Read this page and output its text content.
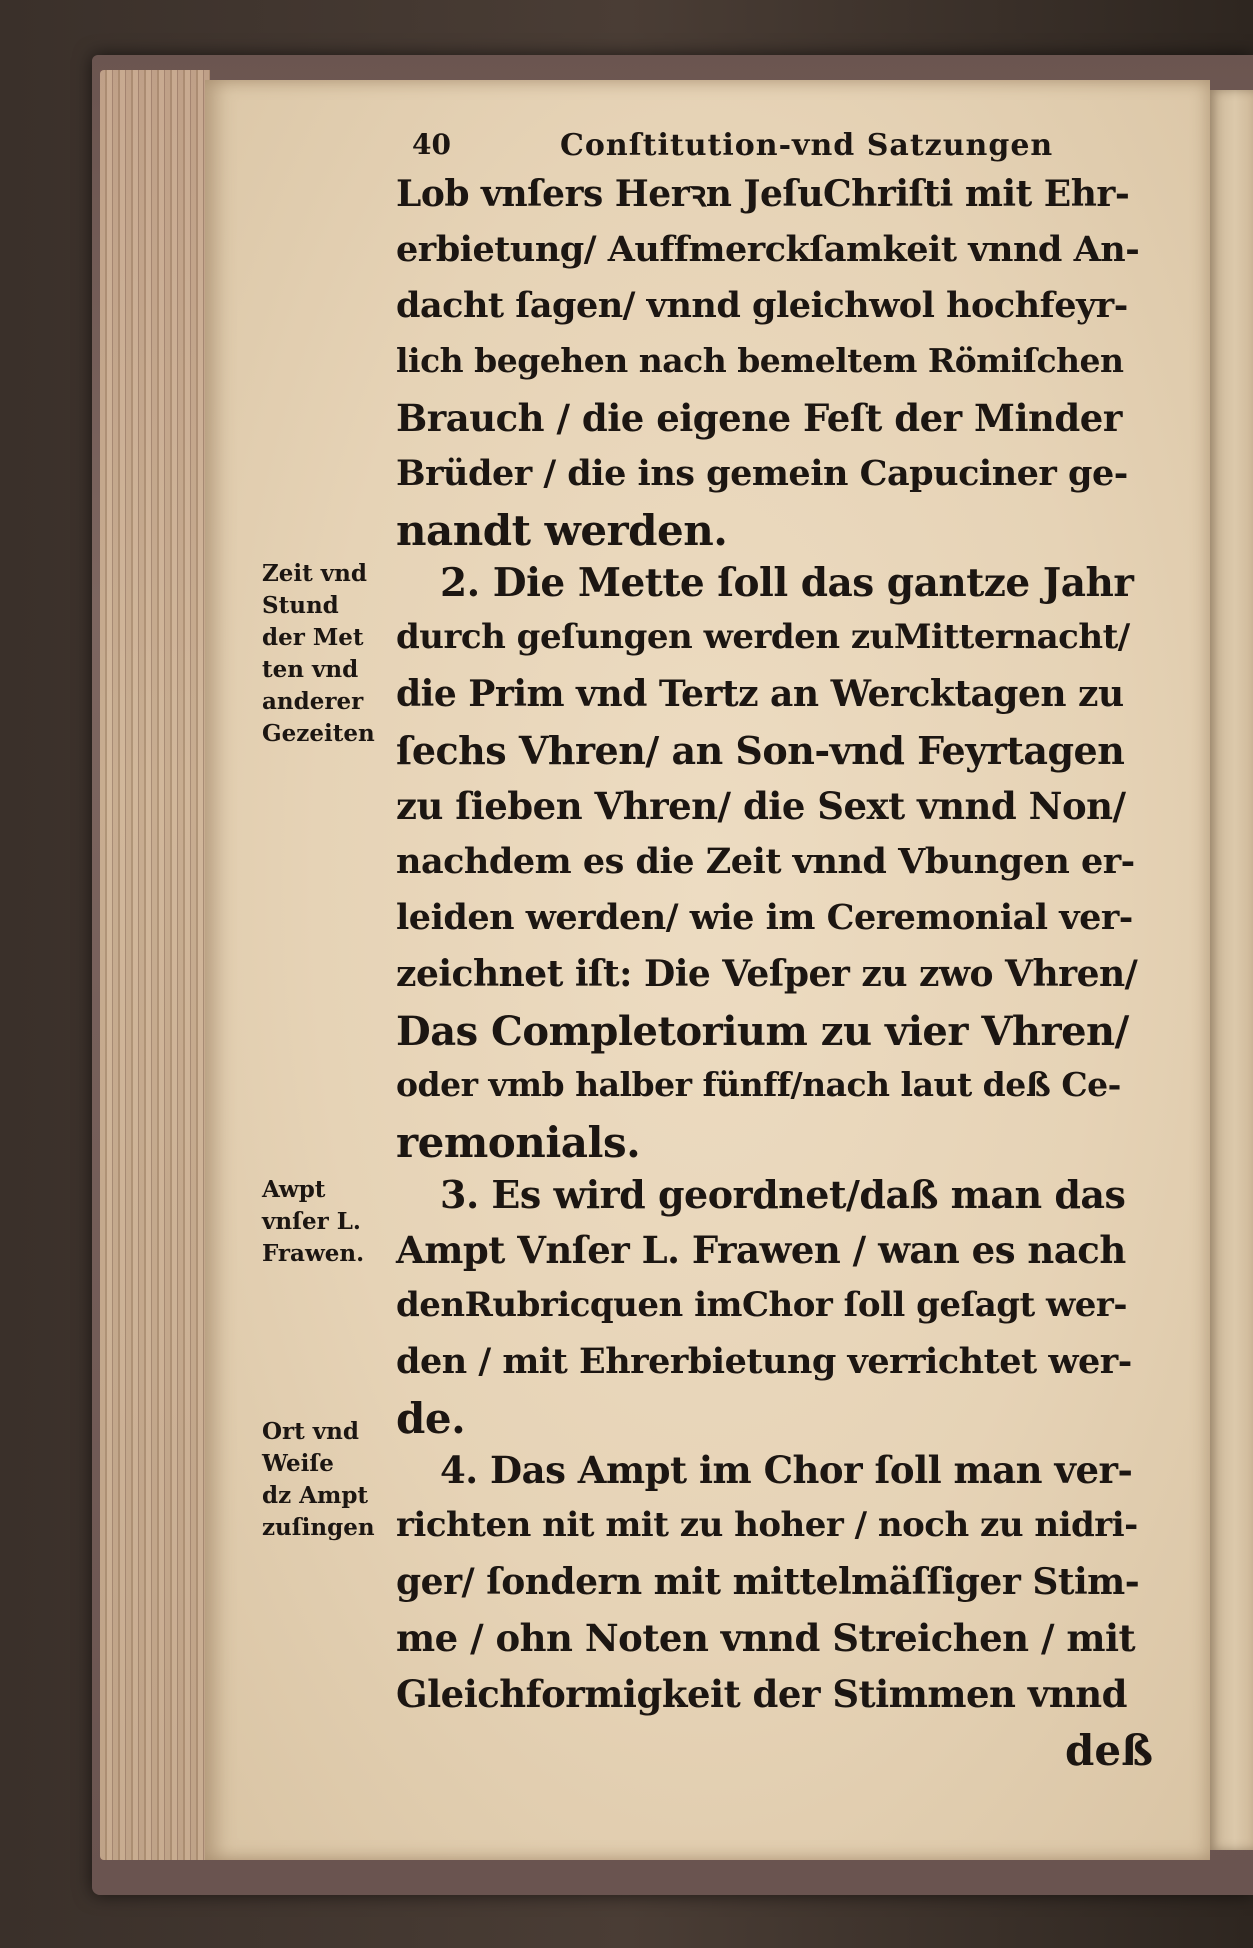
40	Conſtitution-vnd Satzungen
Lob vnſers Herꝛn JeſuChriſti mit Ehr-
erbietung/ Auffmerckſamkeit vnnd An-
dacht ſagen/ vnnd gleichwol hochfeyr-
lich begehen nach bemeltem Römiſchen
Brauch / die eigene Feſt der Minder
Brüder / die ins gemein Capuciner ge-
nandt werden.
2. Die Mette ſoll das gantze Jahr
durch geſungen werden zuMitternacht/
die Prim vnd Tertz an Wercktagen zu
ſechs Vhren/ an Son-vnd Feyrtagen
zu ſieben Vhren/ die Sext vnnd Non/
nachdem es die Zeit vnnd Vbungen er-
leiden werden/ wie im Ceremonial ver-
zeichnet iſt: Die Veſper zu zwo Vhren/
Das Completorium zu vier Vhren/
oder vmb halber fünff/nach laut deß Ce-
remonials.
3. Es wird geordnet/daß man das
Ampt Vnſer L. Frawen / wan es nach
denRubricquen imChor ſoll geſagt wer-
den / mit Ehrerbietung verrichtet wer-
de.
4. Das Ampt im Chor ſoll man ver-
richten nit mit zu hoher / noch zu nidri-
ger/ ſondern mit mittelmäſſiger Stim-
me / ohn Noten vnnd Streichen / mit
Gleichformigkeit der Stimmen vnnd
deß
Zeit vnd
Stund
der Met
ten vnd
anderer
Gezeiten
Awpt
vnſer L.
Frawen.
Ort vnd
Weiſe
dz Ampt
zuſingen
